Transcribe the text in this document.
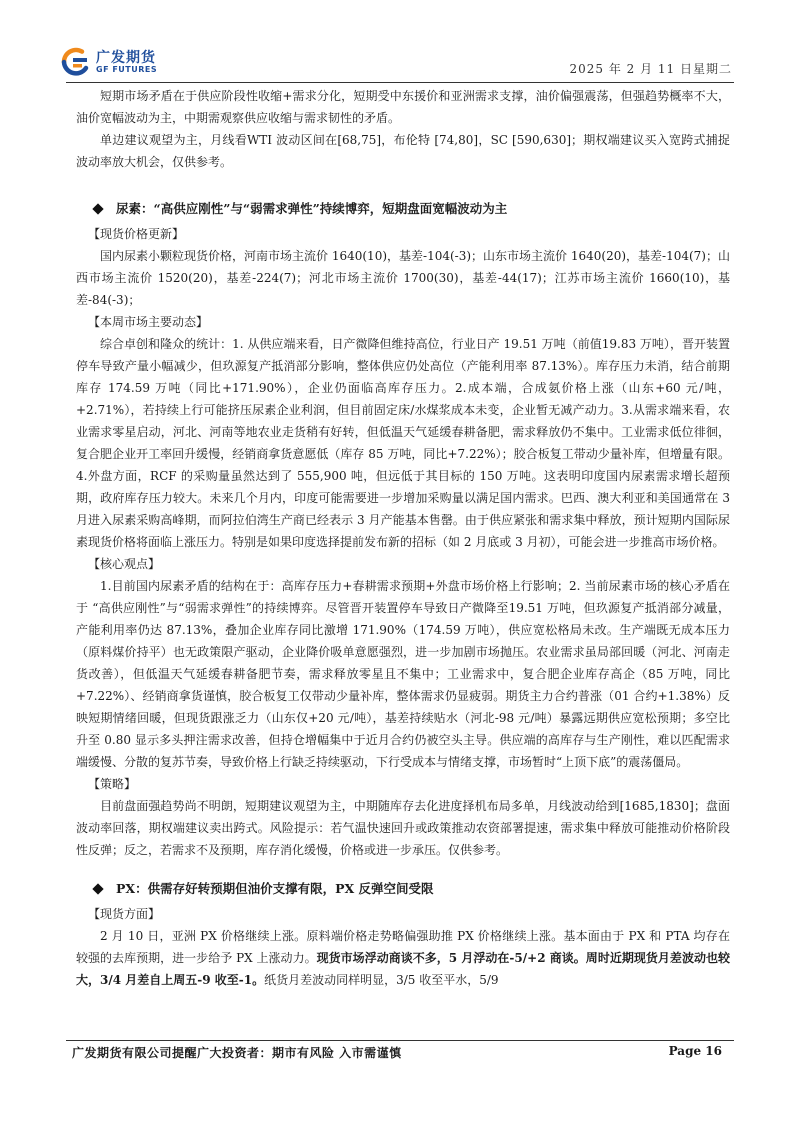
广发期货
GF FUTURES	2025 年 2 月 11 日星期二

短期市场矛盾在于供应阶段性收缩+需求分化，短期受中东援价和亚洲需求支撑，油价偏强震荡，但强趋势概率不大，油价宽幅波动为主，中期需观察供应收缩与需求韧性的矛盾。

单边建议观望为主，月线看WTI 波动区间在[68,75]，布伦特 [74,80]，SC [590,630]；期权端建议买入宽跨式捕捉波动率放大机会，仅供参考。

尿素：“高供应刚性”与“弱需求弹性”持续博弈，短期盘面宽幅波动为主
【现货价格更新】

国内尿素小颗粒现货价格，河南市场主流价 1640(10)，基差-104(-3)；山东市场主流价 1640(20)，基差-104(7)；山西市场主流价 1520(20)，基差-224(7)；河北市场主流价 1700(30)，基差-44(17)；江苏市场主流价 1660(10)，基差-84(-3)；

【本周市场主要动态】

综合卓创和隆众的统计：1. 从供应端来看，日产微降但维持高位，行业日产 19.51 万吨（前值19.83 万吨），晋开装置停车导致产量小幅减少，但玖源复产抵消部分影响，整体供应仍处高位（产能利用率 87.13%）。库存压力未消，结合前期库存 174.59 万吨（同比+171.90%），企业仍面临高库存压力。2.成本端，合成氨价格上涨（山东+60 元/吨，+2.71%），若持续上行可能挤压尿素企业利润，但目前固定床/水煤浆成本未变，企业暂无减产动力。3.从需求端来看，农业需求零星启动，河北、河南等地农业走货稍有好转，但低温天气延缓春耕备肥，需求释放仍不集中。工业需求低位徘徊，复合肥企业开工率回升缓慢，经销商拿货意愿低（库存 85 万吨，同比+7.22%）；胶合板复工带动少量补库，但增量有限。4.外盘方面，RCF 的采购量虽然达到了 555,900 吨，但远低于其目标的 150 万吨。这表明印度国内尿素需求增长超预期，政府库存压力较大。未来几个月内，印度可能需要进一步增加采购量以满足国内需求。巴西、澳大利亚和美国通常在 3 月进入尿素采购高峰期，而阿拉伯湾生产商已经表示 3 月产能基本售罄。由于供应紧张和需求集中释放，预计短期内国际尿素现货价格将面临上涨压力。特别是如果印度选择提前发布新的招标（如 2 月底或 3 月初），可能会进一步推高市场价格。

【核心观点】

1.目前国内尿素矛盾的结构在于：高库存压力+春耕需求预期+外盘市场价格上行影响；2. 当前尿素市场的核心矛盾在于 “高供应刚性”与“弱需求弹性”的持续博弈。尽管晋开装置停车导致日产微降至19.51 万吨，但玖源复产抵消部分减量，产能利用率仍达 87.13%，叠加企业库存同比激增 171.90%（174.59 万吨），供应宽松格局未改。生产端既无成本压力（原料煤价持平）也无政策限产驱动，企业降价吸单意愿强烈，进一步加剧市场抛压。农业需求虽局部回暖（河北、河南走货改善），但低温天气延缓春耕备肥节奏，需求释放零星且不集中；工业需求中，复合肥企业库存高企（85 万吨，同比+7.22%）、经销商拿货谨慎，胶合板复工仅带动少量补库，整体需求仍显疲弱。期货主力合约普涨（01 合约+1.38%）反映短期情绪回暖，但现货跟涨乏力（山东仅+20 元/吨），基差持续贴水（河北-98 元/吨）暴露远期供应宽松预期；多空比升至 0.80 显示多头押注需求改善，但持仓增幅集中于近月合约仍被空头主导。供应端的高库存与生产刚性，难以匹配需求端缓慢、分散的复苏节奏，导致价格上行缺乏持续驱动，下行受成本与情绪支撑，市场暂时“上顶下底”的震荡僵局。

【策略】

目前盘面强趋势尚不明朗，短期建议观望为主，中期随库存去化进度择机布局多单，月线波动给到[1685,1830]；盘面波动率回落，期权端建议卖出跨式。风险提示：若气温快速回升或政策推动农资部署提速，需求集中释放可能推动价格阶段性反弹；反之，若需求不及预期，库存消化缓慢，价格或进一步承压。仅供参考。

PX：供需存好转预期但油价支撑有限，PX 反弹空间受限
【现货方面】

2 月 10 日，亚洲 PX 价格继续上涨。原料端价格走势略偏强助推 PX 价格继续上涨。基本面由于 PX 和 PTA 均存在较强的去库预期，进一步给予 PX 上涨动力。现货市场浮动商谈不多，5 月浮动在-5/+2 商谈。周时近期现货月差波动也较大，3/4 月差自上周五-9 收至-1。纸货月差波动同样明显，3/5 收至平水，5/9

广发期货有限公司提醒广大投资者：期市有风险 入市需谨慎	Page 16
